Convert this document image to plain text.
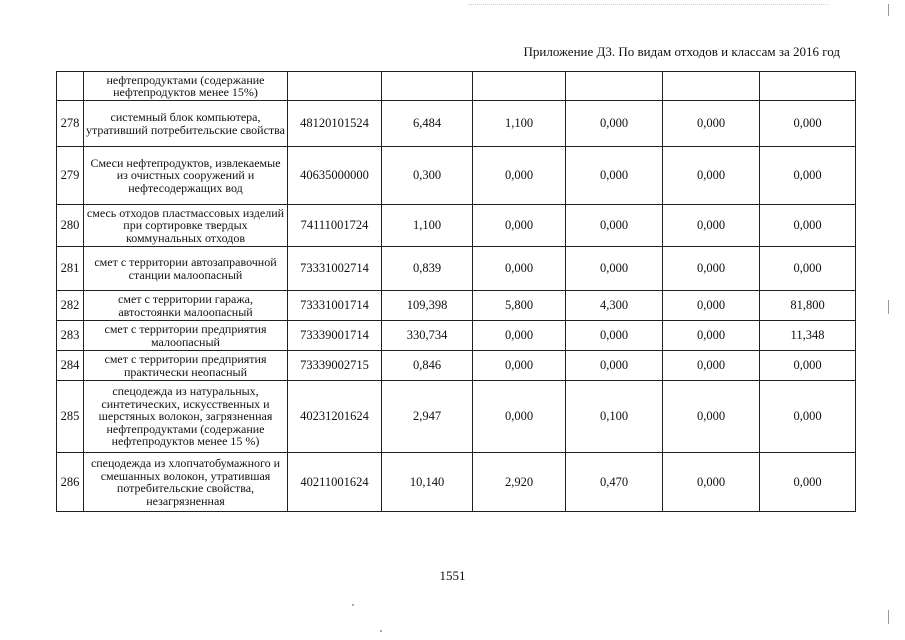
Приложение Д3. По видам отходов и классам за 2016 год
	нефтепродуктами (содержание нефтепродуктов менее 15%)						
278	системный блок компьютера, утративший потребительские свойства	48120101524	6,484	1,100	0,000	0,000	0,000
279	Смеси нефтепродуктов, извлекаемые из очистных сооружений и нефтесодержащих вод	40635000000	0,300	0,000	0,000	0,000	0,000
280	смесь отходов пластмассовых изделий при сортировке твердых коммунальных отходов	74111001724	1,100	0,000	0,000	0,000	0,000
281	смет с территории автозаправочной станции малоопасный	73331002714	0,839	0,000	0,000	0,000	0,000
282	смет с территории гаража, автостоянки малоопасный	73331001714	109,398	5,800	4,300	0,000	81,800
283	смет с территории предприятия малоопасный	73339001714	330,734	0,000	0,000	0,000	11,348
284	смет с территории предприятия практически неопасный	73339002715	0,846	0,000	0,000	0,000	0,000
285	спецодежда из натуральных, синтетических, искусственных и шерстяных волокон, загрязненная нефтепродуктами (содержание нефтепродуктов менее 15 %)	40231201624	2,947	0,000	0,100	0,000	0,000
286	спецодежда из хлопчатобумажного и смешанных волокон, утратившая потребительские свойства, незагрязненная	40211001624	10,140	2,920	0,470	0,000	0,000
1551
